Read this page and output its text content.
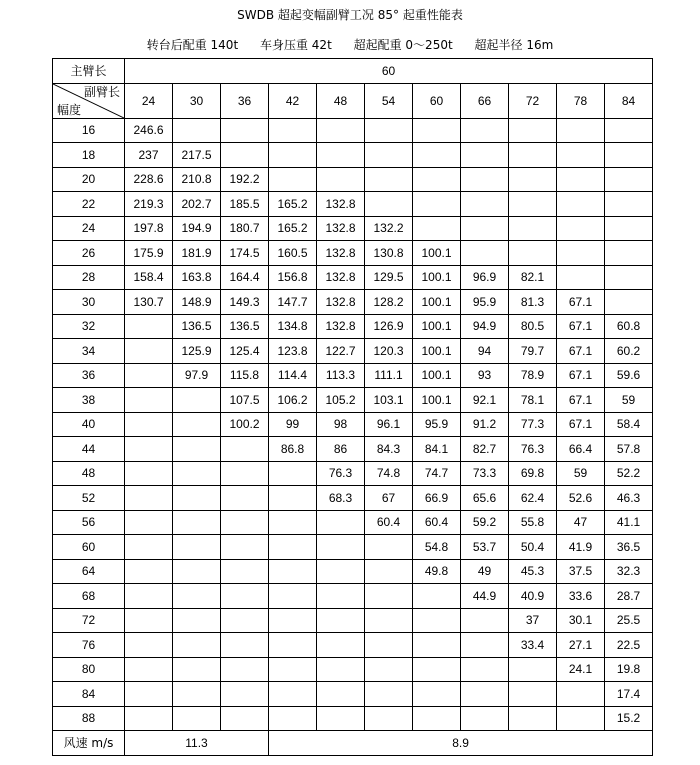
SWDB 超起变幅副臂工况 85° 起重性能表
转台后配重 140t 车身压重 42t 超起配重 0～250t 超起半径 16m
主臂长	60										

副臂长
幅度	24	30	36	42	48	54	60	66	72	78	84
16	246.6										
18	237	217.5									
20	228.6	210.8	192.2								
22	219.3	202.7	185.5	165.2	132.8						
24	197.8	194.9	180.7	165.2	132.8	132.2					
26	175.9	181.9	174.5	160.5	132.8	130.8	100.1				
28	158.4	163.8	164.4	156.8	132.8	129.5	100.1	96.9	82.1		
30	130.7	148.9	149.3	147.7	132.8	128.2	100.1	95.9	81.3	67.1	
32		136.5	136.5	134.8	132.8	126.9	100.1	94.9	80.5	67.1	60.8
34		125.9	125.4	123.8	122.7	120.3	100.1	94	79.7	67.1	60.2
36		97.9	115.8	114.4	113.3	111.1	100.1	93	78.9	67.1	59.6
38			107.5	106.2	105.2	103.1	100.1	92.1	78.1	67.1	59
40			100.2	99	98	96.1	95.9	91.2	77.3	67.1	58.4
44				86.8	86	84.3	84.1	82.7	76.3	66.4	57.8
48					76.3	74.8	74.7	73.3	69.8	59	52.2
52					68.3	67	66.9	65.6	62.4	52.6	46.3
56						60.4	60.4	59.2	55.8	47	41.1
60							54.8	53.7	50.4	41.9	36.5
64							49.8	49	45.3	37.5	32.3
68								44.9	40.9	33.6	28.7
72									37	30.1	25.5
76									33.4	27.1	22.5
80										24.1	19.8
84											17.4
88											15.2
风速 m/s	11.3			8.9							
